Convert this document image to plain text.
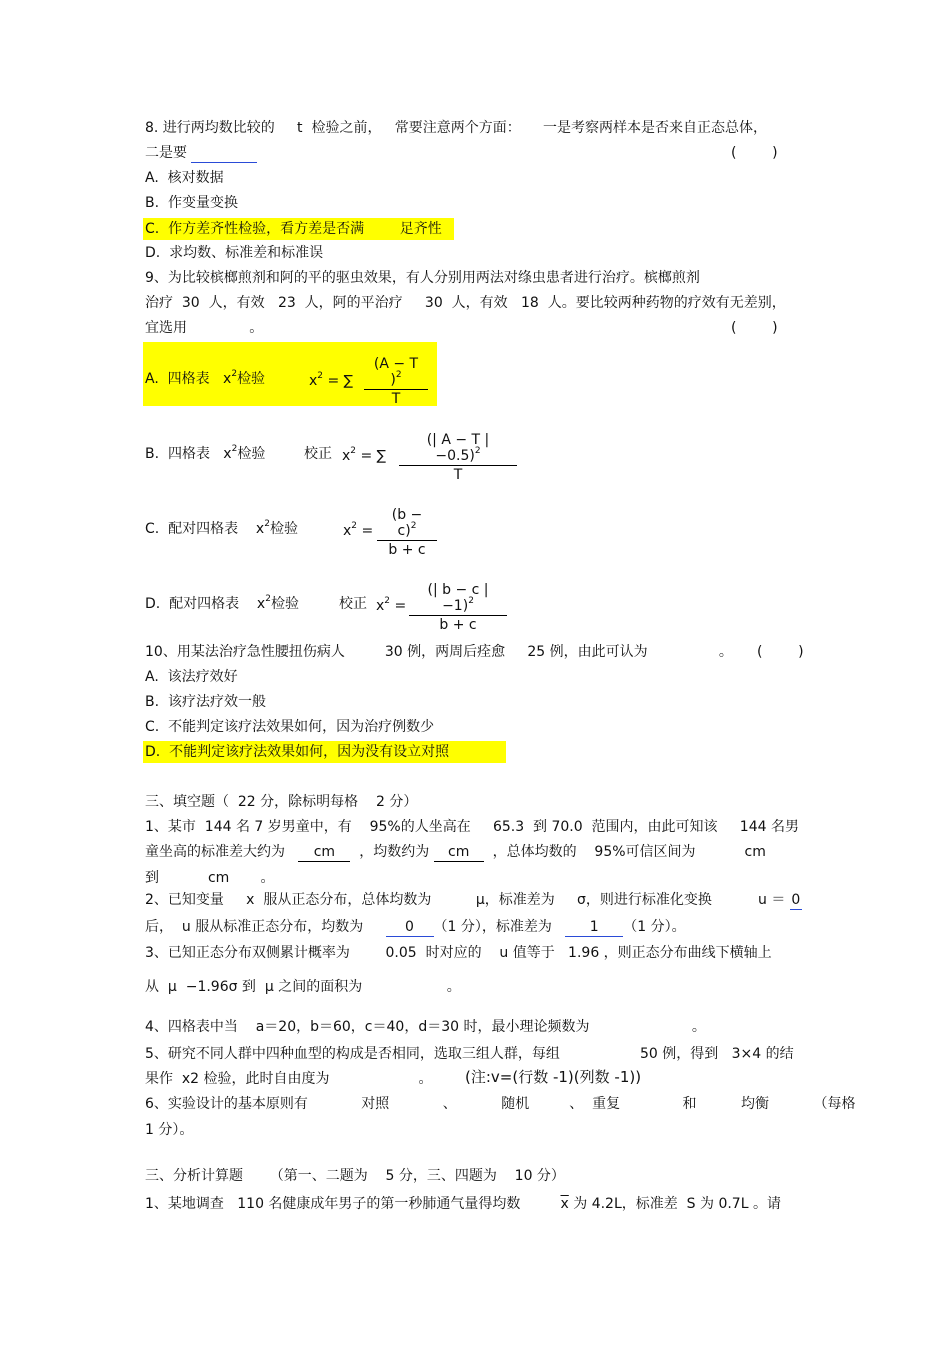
8. 进行两均数比较的     t  检验之前，   常要注意两个方面：     一是考察两样本是否来自正态总体，
二是要	(        )
A.  核对数据
B.  作变量变换
C.  作方差齐性检验，看方差是否满        足齐性
D.  求均数、标准差和标准误
9、为比较槟榔煎剂和阿的平的驱虫效果，有人分别用两法对绦虫患者进行治疗。槟榔煎剂
治疗  30  人，有效   23  人，阿的平治疗     30  人，有效   18  人。要比较两种药物的疗效有无差别，
宜选用              。	(        )
A.  四格表   $x^2$检验	$x^2$ = ∑
(A − T )$^2$
T
B.  四格表   $x^2$检验	校正 $x^2$ = ∑
(| A − T | −0.5)$^2$
T
C.  配对四格表    $x^2$检验	$x^2$ =
$(b - c)^2$
b + c
D.  配对四格表    $x^2$检验	校正 $x^2$ =
(| b − c | −1)$^2$
b + c
10、用某法治疗急性腰扭伤病人         30 例，两周后痊愈     25 例，由此可认为                。 (        )
A.  该法疗效好
B.  该疗法疗效一般
C.  不能判定该疗法效果如何，因为治疗例数少
D.  不能判定该疗法效果如何，因为没有设立对照
三、填空题（  22 分，除标明每格    2 分）
1、某市  144 名 7 岁男童中，有    95%的人坐高在     65.3  到 70.0  范围内，由此可知该     144 名男
童坐高的标准差大约为 cm ，均数约为 cm ，总体均数的    95%可信区间为           cm
到           cm       。
2、已知变量     x  服从正态分布，总体均数为          μ，标准差为     σ，则进行标准化变换	u ＝ 0
后，  u 服从标准正态分布，均数为	0 （1 分），标准差为	1 （1 分）。
3、已知正态分布双侧累计概率为        0.05  时对应的    u 值等于   1.96 ，则正态分布曲线下横轴上
从  μ  −1.96σ 到  μ 之间的面积为                   。
4、四格表中当    a＝20，b＝60，c＝40，d＝30 时，最小理论频数为                       。
5、研究不同人群中四种血型的构成是否相同，选取三组人群，每组                  50 例，得到   3×4 的结
果作  x2 检验，此时自由度为                    。 (注:v=(行数 -1)(列数 -1))
6、实验设计的基本原则有            对照            、          随机         、  重复              和          均衡          （每格
1 分）。
三、分析计算题      （第一、二题为    5 分，三、四题为    10 分）
1、某地调查   110 名健康成年男子的第一秒肺通气量得均数	$\overline{x}$ 为 4.2L，标准差  S 为 0.7L 。请
